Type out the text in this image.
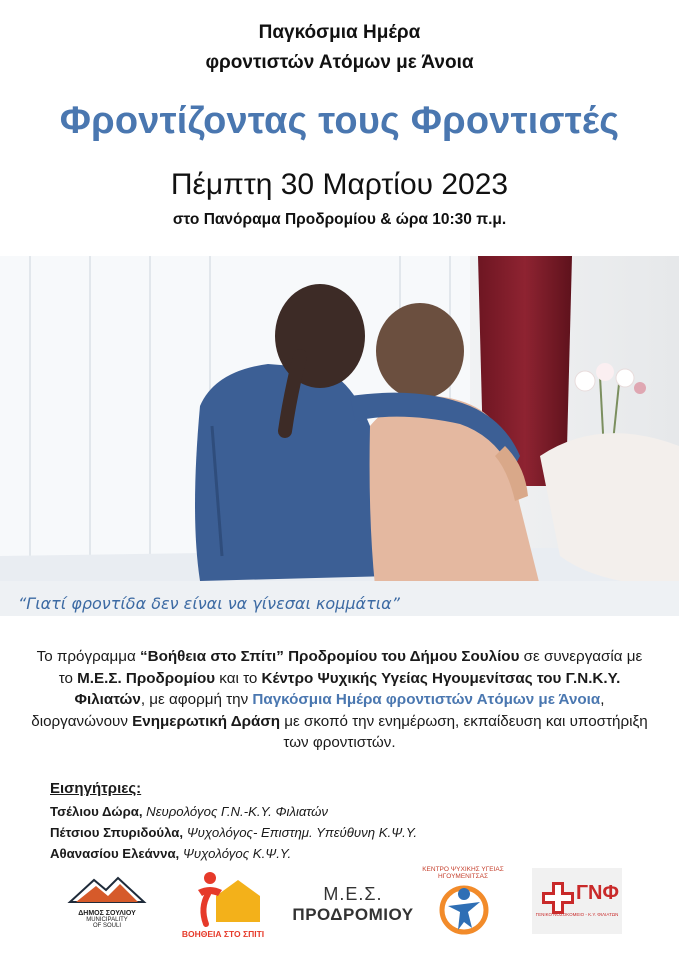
Παγκόσμια Ημέρα
φροντιστών Ατόμων με Άνοια
Φροντίζοντας τους Φροντιστές
Πέμπτη 30 Μαρτίου 2023
στο Πανόραμα Προδρομίου & ώρα 10:30 π.μ.
“Γιατί φροντίδα δεν είναι να γίνεσαι κομμάτια”
Το πρόγραμμα “Βοήθεια στο Σπίτι” Προδρομίου του Δήμου Σουλίου σε συνεργασία με το Μ.Ε.Σ. Προδρομίου και το Κέντρο Ψυχικής Υγείας Ηγουμενίτσας του Γ.Ν.Κ.Υ. Φιλιατών, με αφορμή την Παγκόσμια Ημέρα φροντιστών Ατόμων με Άνοια, διοργανώνουν Ενημερωτική Δράση με σκοπό την ενημέρωση, εκπαίδευση και υποστήριξη των φροντιστών.
Εισηγήτριες:
Τσέλιου Δώρα, Νευρολόγος Γ.Ν.-Κ.Υ. Φιλιατών
Πέτσιου Σπυριδούλα, Ψυχολόγος- Επιστημ. Υπεύθυνη Κ.Ψ.Υ.
Αθανασίου Ελεάννα, Ψυχολόγος Κ.Ψ.Υ.
ΔΗΜΟΣ ΣΟΥΛΙΟΥ
MUNICIPALITY
OF SOULI
ΒΟΗΘΕΙΑ ΣΤΟ ΣΠΙΤΙ
Μ.Ε.Σ.
ΠΡΟΔΡΟΜΙΟΥ
ΚΕΝΤΡΟ ΨΥΧΙΚΗΣ ΥΓΕΙΑΣ ΗΓΟΥΜΕΝΙΤΣΑΣ
ΓΝΦ
ΓΕΝΙΚΟ ΝΟΣΟΚΟΜΕΙΟ - Κ.Υ. ΦΙΛΙΑΤΩΝ
